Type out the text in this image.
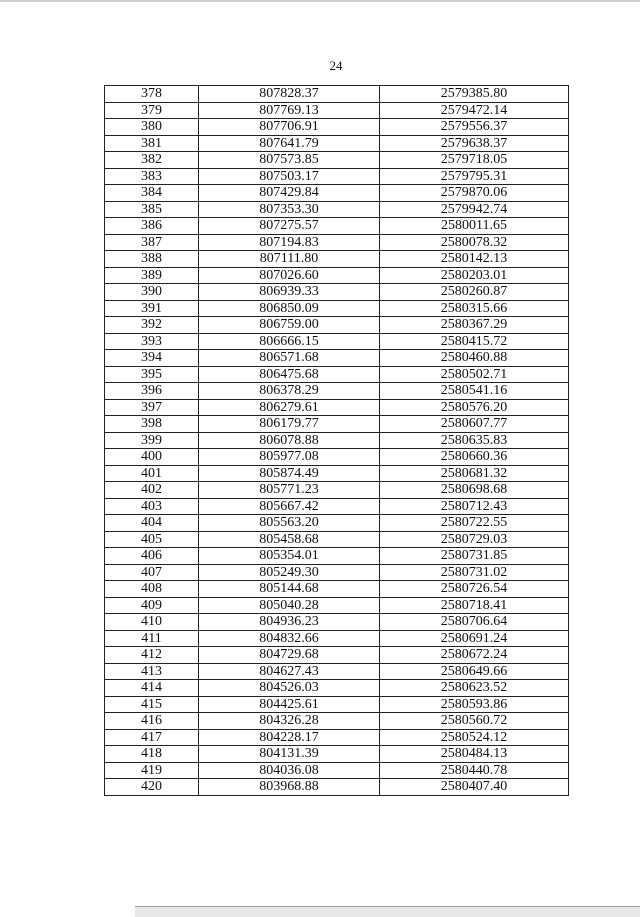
24
378	807828.37	2579385.80
379	807769.13	2579472.14
380	807706.91	2579556.37
381	807641.79	2579638.37
382	807573.85	2579718.05
383	807503.17	2579795.31
384	807429.84	2579870.06
385	807353.30	2579942.74
386	807275.57	2580011.65
387	807194.83	2580078.32
388	807111.80	2580142.13
389	807026.60	2580203.01
390	806939.33	2580260.87
391	806850.09	2580315.66
392	806759.00	2580367.29
393	806666.15	2580415.72
394	806571.68	2580460.88
395	806475.68	2580502.71
396	806378.29	2580541.16
397	806279.61	2580576.20
398	806179.77	2580607.77
399	806078.88	2580635.83
400	805977.08	2580660.36
401	805874.49	2580681.32
402	805771.23	2580698.68
403	805667.42	2580712.43
404	805563.20	2580722.55
405	805458.68	2580729.03
406	805354.01	2580731.85
407	805249.30	2580731.02
408	805144.68	2580726.54
409	805040.28	2580718.41
410	804936.23	2580706.64
411	804832.66	2580691.24
412	804729.68	2580672.24
413	804627.43	2580649.66
414	804526.03	2580623.52
415	804425.61	2580593.86
416	804326.28	2580560.72
417	804228.17	2580524.12
418	804131.39	2580484.13
419	804036.08	2580440.78
420	803968.88	2580407.40
